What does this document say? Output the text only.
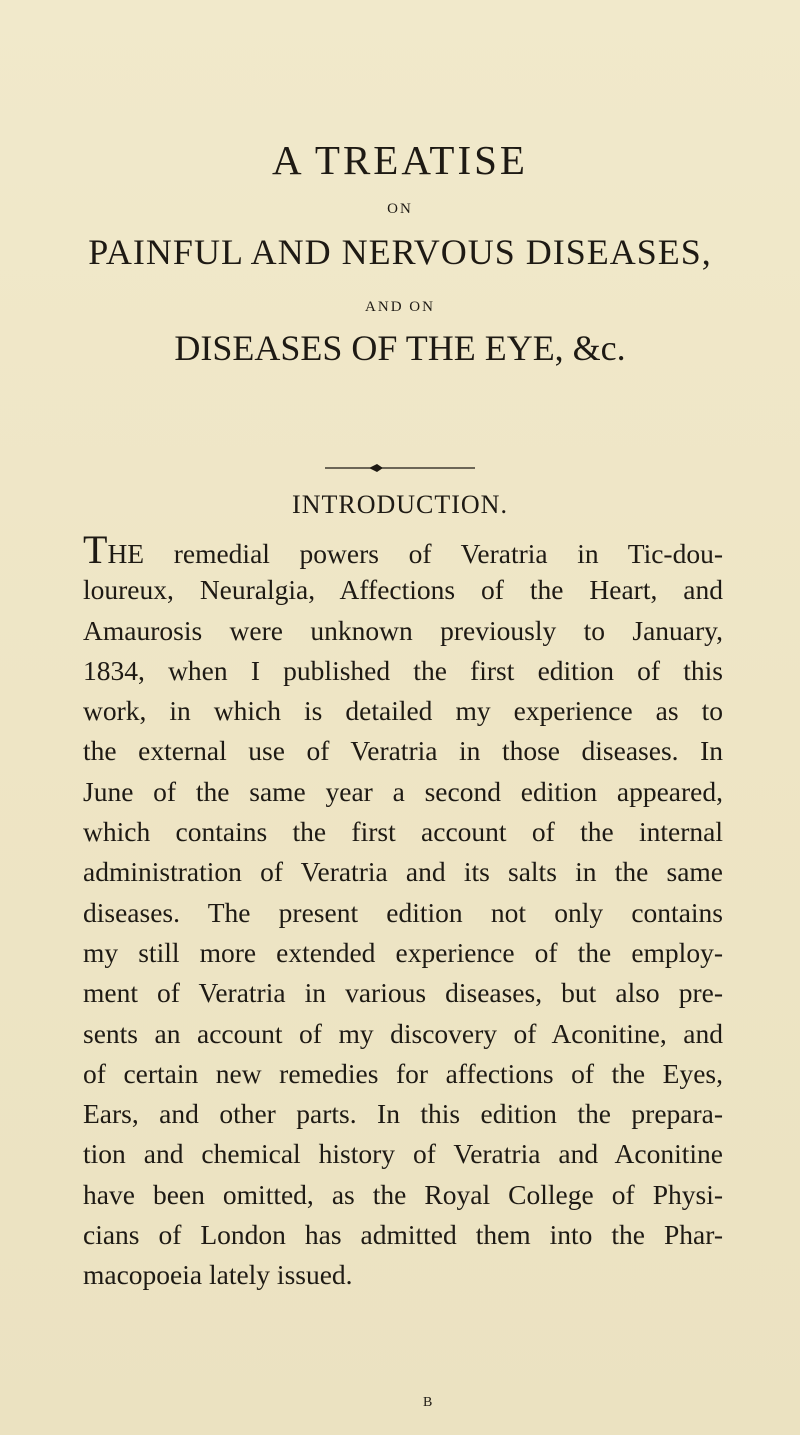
A TREATISE
ON
PAINFUL AND NERVOUS DISEASES,
AND ON
DISEASES OF THE EYE, &c.
INTRODUCTION.
THE remedial powers of Veratria in Tic-dou-
loureux, Neuralgia, Affections of the Heart, and
Amaurosis were unknown previously to January,
1834, when I published the first edition of this
work, in which is detailed my experience as to
the external use of Veratria in those diseases. In
June of the same year a second edition appeared,
which contains the first account of the internal
administration of Veratria and its salts in the same
diseases. The present edition not only contains
my still more extended experience of the employ-
ment of Veratria in various diseases, but also pre-
sents an account of my discovery of Aconitine, and
of certain new remedies for affections of the Eyes,
Ears, and other parts. In this edition the prepara-
tion and chemical history of Veratria and Aconitine
have been omitted, as the Royal College of Physi-
cians of London has admitted them into the Phar-
macopoeia lately issued.
B
